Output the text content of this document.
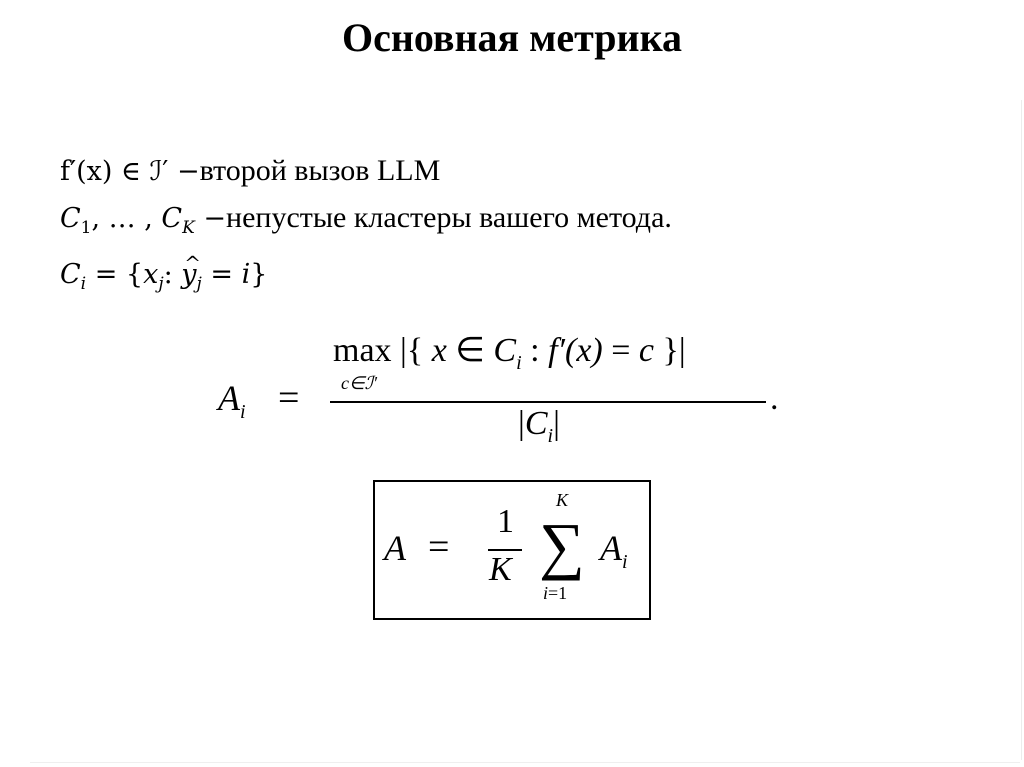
Основная метрика
f′(x) ∈ ℐ′ −второй вызов LLM
$C_1$, … , $C_K$ −непустые кластеры вашего метода.
$C_i = \{x_j$: ^ $y_j = i$}
$A_i$ =
max |{ x ∈ $C_i$ : f′(x) = c }|
c∈ℐ′
$|C_i|$
.
A =
1
K ∑
K
i=1
$A_i$
